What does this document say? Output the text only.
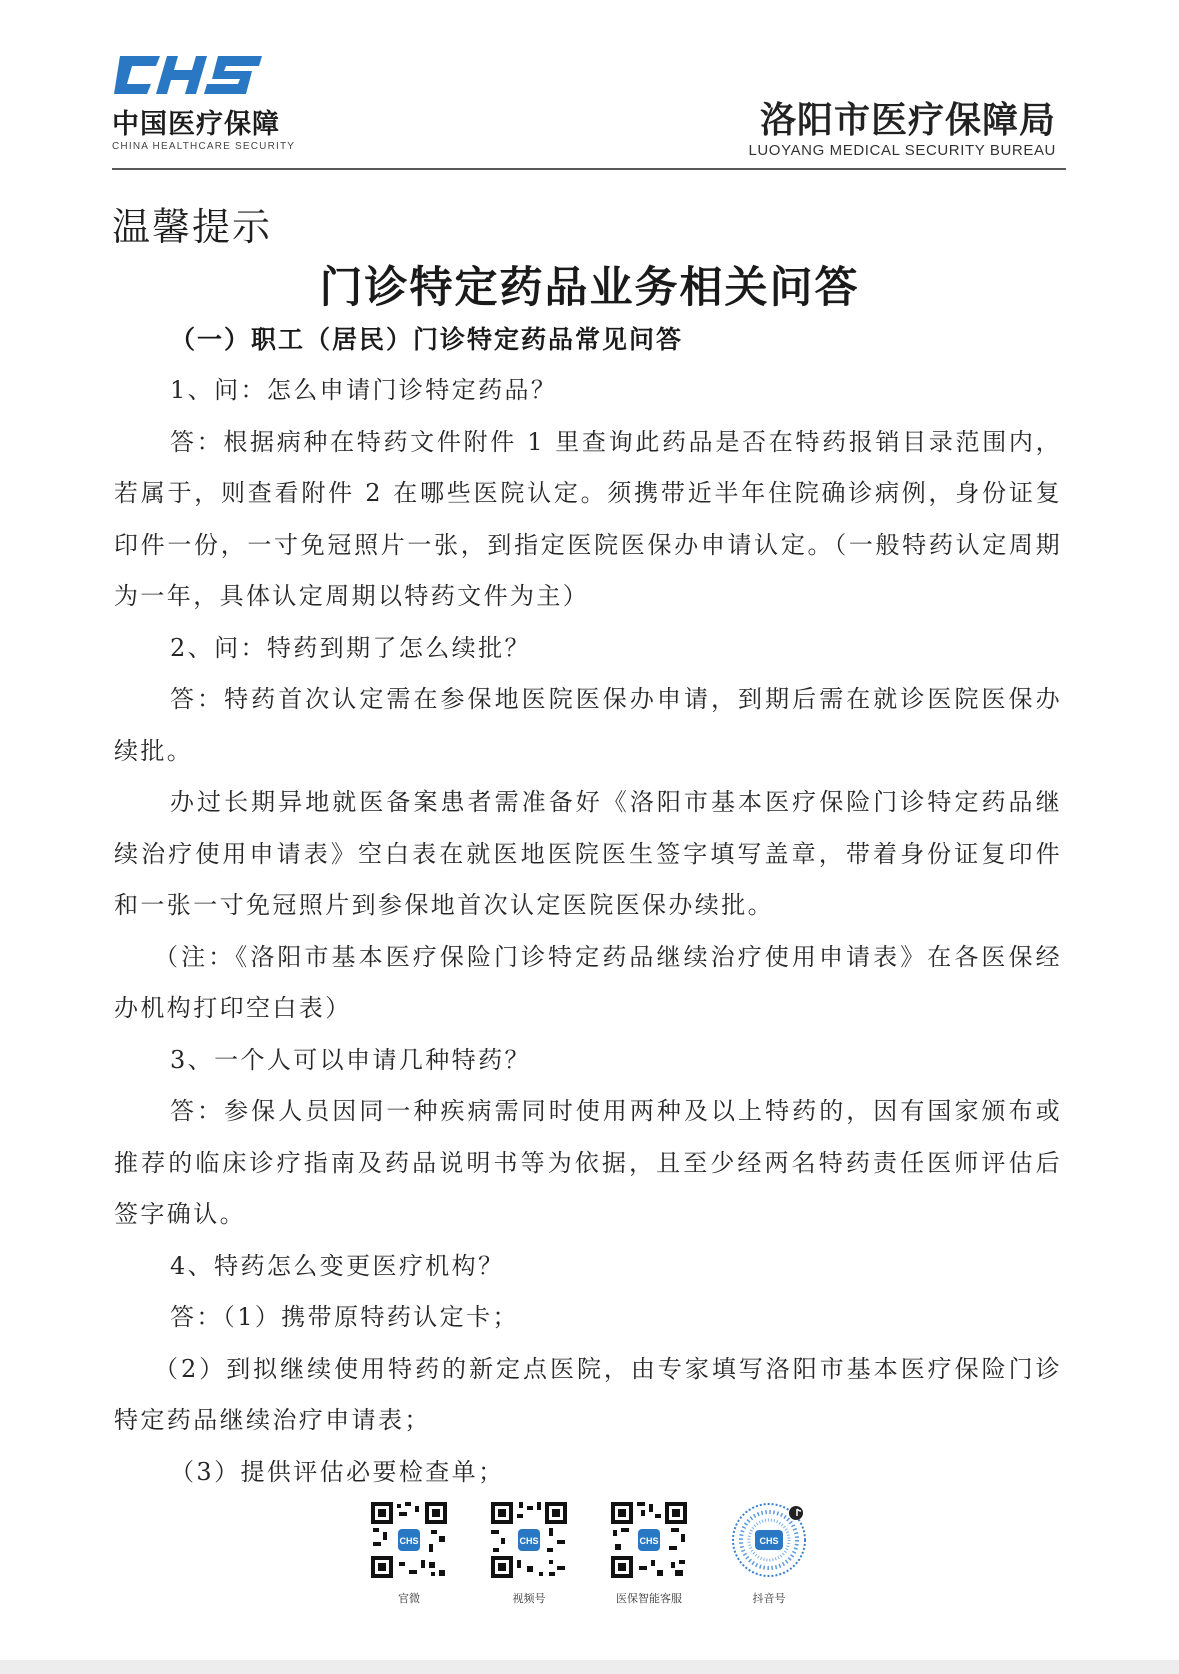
中国医疗保障
CHINA HEALTHCARE SECURITY
洛阳市医疗保障局
LUOYANG MEDICAL SECURITY BUREAU
温馨提示
门诊特定药品业务相关问答
（一）职工（居民）门诊特定药品常见问答

1、问：怎么申请门诊特定药品？

答：根据病种在特药文件附件 1 里查询此药品是否在特药报销目录范围内，若属于，则查看附件 2 在哪些医院认定。须携带近半年住院确诊病例，身份证复印件一份，一寸免冠照片一张，到指定医院医保办申请认定。（一般特药认定周期为一年，具体认定周期以特药文件为主）

2、问：特药到期了怎么续批？

答：特药首次认定需在参保地医院医保办申请，到期后需在就诊医院医保办续批。

办过长期异地就医备案患者需准备好《洛阳市基本医疗保险门诊特定药品继续治疗使用申请表》空白表在就医地医院医生签字填写盖章，带着身份证复印件和一张一寸免冠照片到参保地首次认定医院医保办续批。

（注：《洛阳市基本医疗保险门诊特定药品继续治疗使用申请表》在各医保经办机构打印空白表）

3、一个人可以申请几种特药？

答：参保人员因同一种疾病需同时使用两种及以上特药的，因有国家颁布或推荐的临床诊疗指南及药品说明书等为依据，且至少经两名特药责任医师评估后签字确认。

4、特药怎么变更医疗机构？

答：（1）携带原特药认定卡；

（2）到拟继续使用特药的新定点医院，由专家填写洛阳市基本医疗保险门诊特定药品继续治疗申请表；

（3）提供评估必要检查单；

CHS
官微
CHS
视频号
CHS
医保智能客服
CHS
抖音号
